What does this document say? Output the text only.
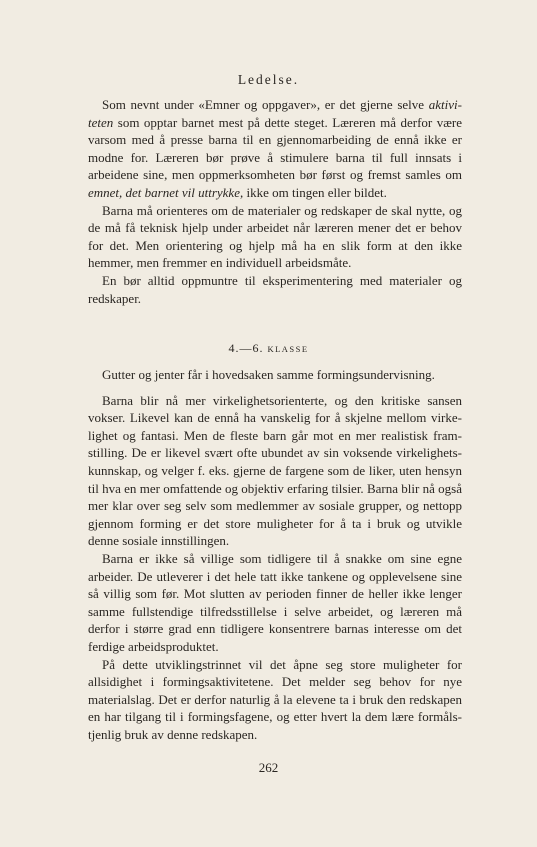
Ledelse.

Som nevnt under «Emner og oppgaver», er det gjerne selve aktiviteten som opptar barnet mest på dette steget. Læreren må derfor være varsom med å presse barna til en gjennomarbeiding de ennå ikke er modne for. Læreren bør prøve å stimulere barna til full innsats i arbeidene sine, men oppmerksomheten bør først og fremst samles om emnet, det barnet vil uttrykke, ikke om tingen eller bildet.

Barna må orienteres om de materialer og redskaper de skal nytte, og de må få teknisk hjelp under arbeidet når læreren mener det er behov for det. Men orientering og hjelp må ha en slik form at den ikke hemmer, men fremmer en individuell arbeidsmåte.

En bør alltid oppmuntre til eksperimentering med materialer og redskaper.

4.—6. KLASSE

Gutter og jenter får i hovedsaken samme formingsundervisning.

Barna blir nå mer virkelighetsorienterte, og den kritiske sansen vokser. Likevel kan de ennå ha vanskelig for å skjelne mellom virkelighet og fantasi. Men de fleste barn går mot en mer realistisk framstilling. De er likevel svært ofte ubundet av sin voksende virkelighetskunnskap, og velger f. eks. gjerne de fargene som de liker, uten hensyn til hva en mer omfattende og objektiv erfaring tilsier. Barna blir nå også mer klar over seg selv som medlemmer av sosiale grupper, og nettopp gjennom forming er det store muligheter for å ta i bruk og utvikle denne sosiale innstillingen.

Barna er ikke så villige som tidligere til å snakke om sine egne arbeider. De utleverer i det hele tatt ikke tankene og opplevelsene sine så villig som før. Mot slutten av perioden finner de heller ikke lenger samme fullstendige tilfredsstillelse i selve arbeidet, og læreren må derfor i større grad enn tidligere konsentrere barnas interesse om det ferdige arbeidsproduktet.

På dette utviklingstrinnet vil det åpne seg store muligheter for allsidighet i formingsaktivitetene. Det melder seg behov for nye materialslag. Det er derfor naturlig å la elevene ta i bruk den redskapen en har tilgang til i formingsfagene, og etter hvert la dem lære formålstjenlig bruk av denne redskapen.

262
